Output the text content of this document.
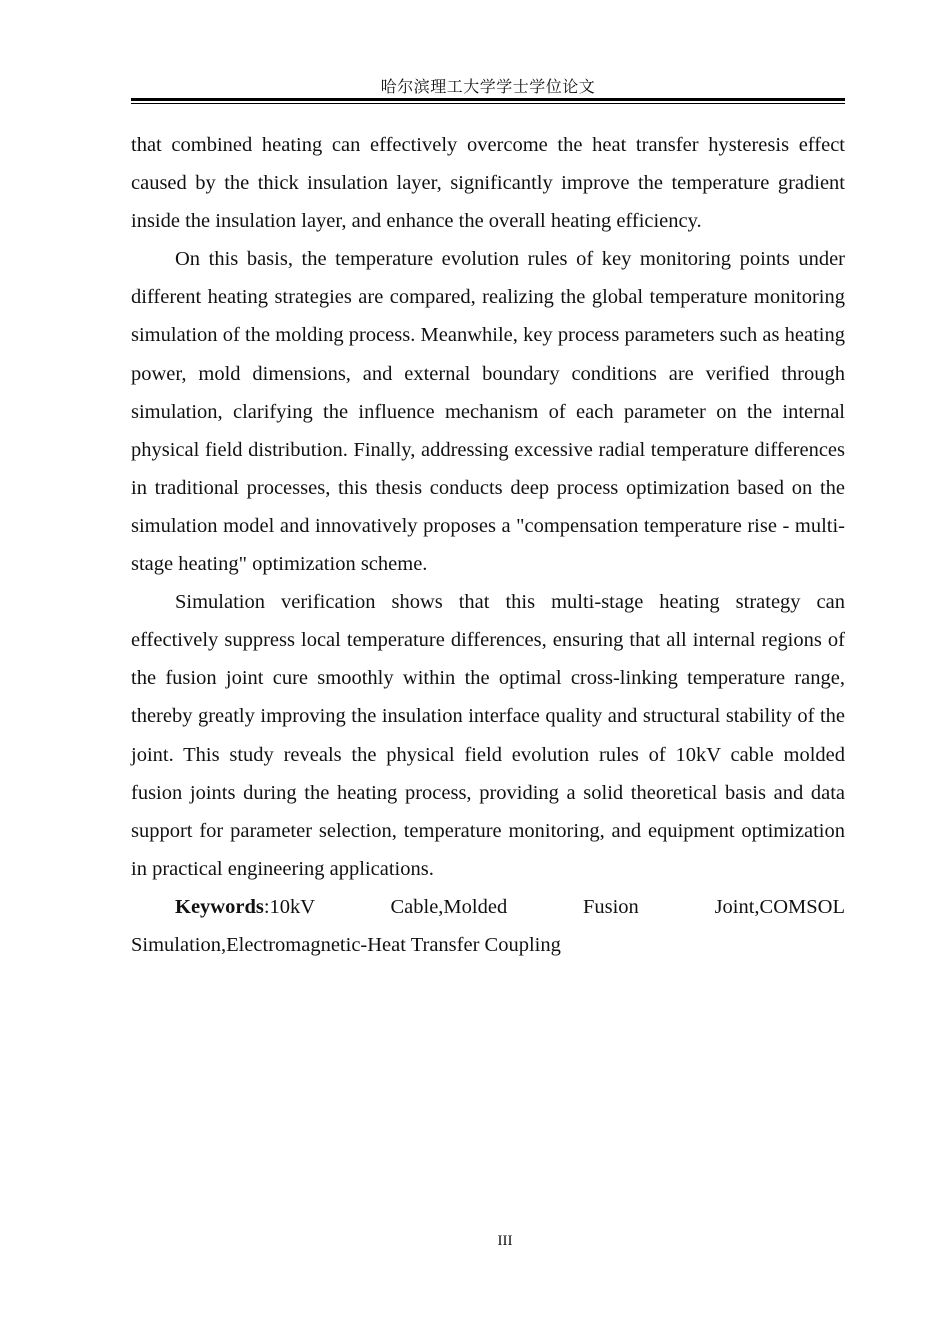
哈尔滨理工大学学士学位论文

that combined heating can effectively overcome the heat transfer hysteresis effect caused by the thick insulation layer, significantly improve the temperature gradient inside the insulation layer, and enhance the overall heating efficiency.

On this basis, the temperature evolution rules of key monitoring points under different heating strategies are compared, realizing the global temperature monitoring simulation of the molding process. Meanwhile, key process parameters such as heating power, mold dimensions, and external boundary conditions are verified through simulation, clarifying the influence mechanism of each parameter on the internal physical field distribution. Finally, addressing excessive radial temperature differences in traditional processes, this thesis conducts deep process optimization based on the simulation model and innovatively proposes a "compensation temperature rise - multi-stage heating" optimization scheme.

Simulation verification shows that this multi-stage heating strategy can effectively suppress local temperature differences, ensuring that all internal regions of the fusion joint cure smoothly within the optimal cross-linking temperature range, thereby greatly improving the insulation interface quality and structural stability of the joint. This study reveals the physical field evolution rules of 10kV cable molded fusion joints during the heating process, providing a solid theoretical basis and data support for parameter selection, temperature monitoring, and equipment optimization in practical engineering applications.

Keywords:10kV Cable,Molded Fusion Joint,COMSOL Simulation,Electromagnetic-Heat Transfer Coupling

III
